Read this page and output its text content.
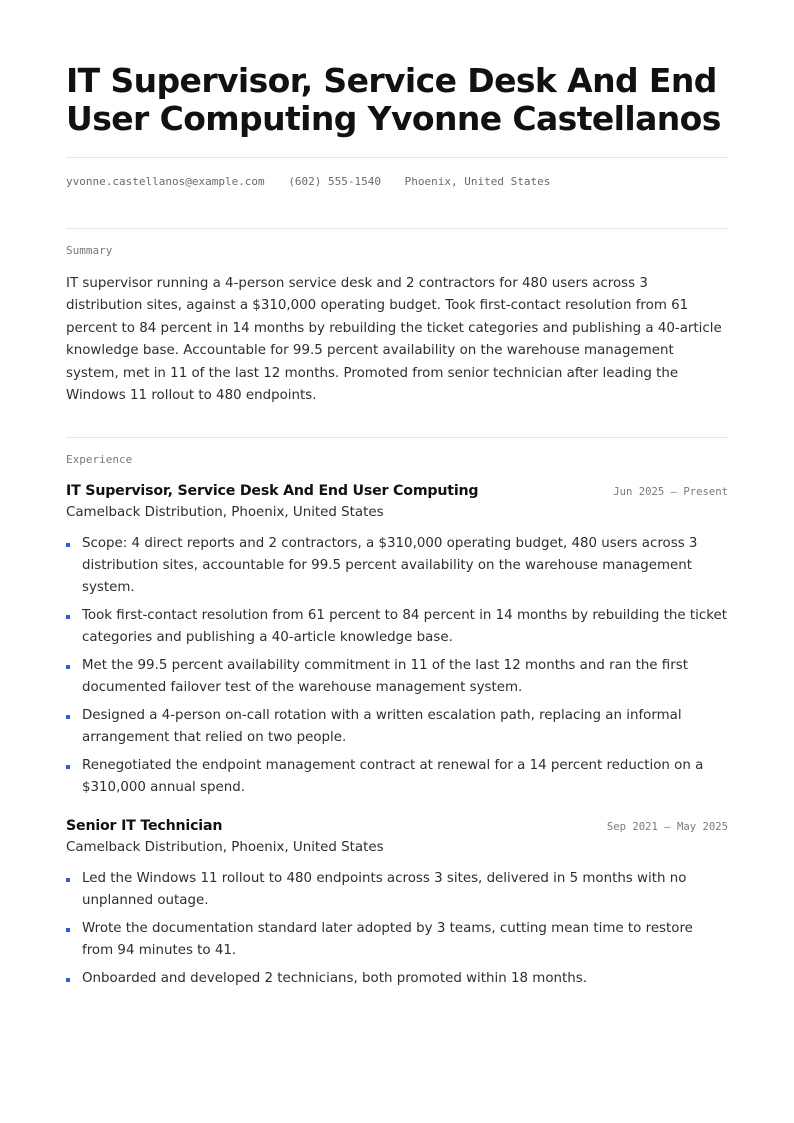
IT Supervisor, Service Desk And End User Computing Yvonne Castellanos
yvonne.castellanos@example.com (602) 555-1540 Phoenix, United States
Summary

IT supervisor running a 4-person service desk and 2 contractors for 480 users across 3 distribution sites, against a $310,000 operating budget. Took first-contact resolution from 61 percent to 84 percent in 14 months by rebuilding the ticket categories and publishing a 40-article knowledge base. Accountable for 99.5 percent availability on the warehouse management system, met in 11 of the last 12 months. Promoted from senior technician after leading the Windows 11 rollout to 480 endpoints.

Experience
IT Supervisor, Service Desk And End User Computing	Jun 2025 — Present
Camelback Distribution, Phoenix, United States
Scope: 4 direct reports and 2 contractors, a $310,000 operating budget, 480 users across 3 distribution sites, accountable for 99.5 percent availability on the warehouse management system.
Took first-contact resolution from 61 percent to 84 percent in 14 months by rebuilding the ticket categories and publishing a 40-article knowledge base.
Met the 99.5 percent availability commitment in 11 of the last 12 months and ran the first documented failover test of the warehouse management system.
Designed a 4-person on-call rotation with a written escalation path, replacing an informal arrangement that relied on two people.
Renegotiated the endpoint management contract at renewal for a 14 percent reduction on a $310,000 annual spend.
Senior IT Technician	Sep 2021 — May 2025
Camelback Distribution, Phoenix, United States
Led the Windows 11 rollout to 480 endpoints across 3 sites, delivered in 5 months with no unplanned outage.
Wrote the documentation standard later adopted by 3 teams, cutting mean time to restore from 94 minutes to 41.
Onboarded and developed 2 technicians, both promoted within 18 months.
